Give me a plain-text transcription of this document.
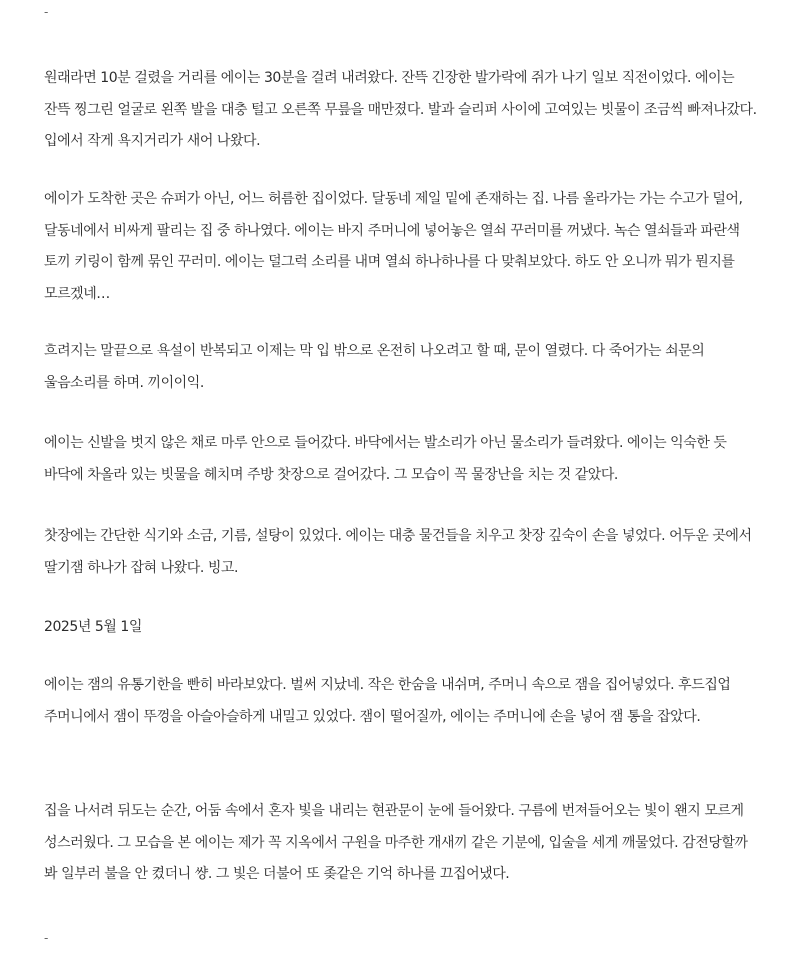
-

원래라면 10분 걸렸을 거리를 에이는 30분을 걸려 내려왔다. 잔뜩 긴장한 발가락에 쥐가 나기 일보 직전이었다. 에이는 잔뜩 찡그린 얼굴로 왼쪽 발을 대충 털고 오른쪽 무릎을 매만졌다. 발과 슬리퍼 사이에 고여있는 빗물이 조금씩 빠져나갔다. 입에서 작게 욕지거리가 새어 나왔다.

에이가 도착한 곳은 슈퍼가 아닌, 어느 허름한 집이었다. 달동네 제일 밑에 존재하는 집. 나름 올라가는 가는 수고가 덜어, 달동네에서 비싸게 팔리는 집 중 하나였다. 에이는 바지 주머니에 넣어놓은 열쇠 꾸러미를 꺼냈다. 녹슨 열쇠들과 파란색 토끼 키링이 함께 묶인 꾸러미. 에이는 덜그럭 소리를 내며 열쇠 하나하나를 다 맞춰보았다. 하도 안 오니까 뭐가 뭔지를 모르겠네…

흐려지는 말끝으로 욕설이 반복되고 이제는 막 입 밖으로 온전히 나오려고 할 때, 문이 열렸다. 다 죽어가는 쇠문의 울음소리를 하며. 끼이이익.

에이는 신발을 벗지 않은 채로 마루 안으로 들어갔다. 바닥에서는 발소리가 아닌 물소리가 들려왔다. 에이는 익숙한 듯 바닥에 차올라 있는 빗물을 헤치며 주방 찻장으로 걸어갔다. 그 모습이 꼭 물장난을 치는 것 같았다.

찻장에는 간단한 식기와 소금, 기름, 설탕이 있었다. 에이는 대충 물건들을 치우고 찻장 깊숙이 손을 넣었다. 어두운 곳에서 딸기잼 하나가 잡혀 나왔다. 빙고.

2025년 5월 1일

에이는 잼의 유통기한을 빤히 바라보았다. 벌써 지났네. 작은 한숨을 내쉬며, 주머니 속으로 잼을 집어넣었다. 후드집업 주머니에서 잼이 뚜껑을 아슬아슬하게 내밀고 있었다. 잼이 떨어질까, 에이는 주머니에 손을 넣어 잼 통을 잡았다.

집을 나서려 뒤도는 순간, 어둠 속에서 혼자 빛을 내리는 현관문이 눈에 들어왔다. 구름에 번져들어오는 빛이 왠지 모르게 성스러웠다. 그 모습을 본 에이는 제가 꼭 지옥에서 구원을 마주한 개새끼 같은 기분에, 입술을 세게 깨물었다. 감전당할까 봐 일부러 불을 안 켰더니 썅. 그 빛은 더불어 또 좆같은 기억 하나를 끄집어냈다.

-
